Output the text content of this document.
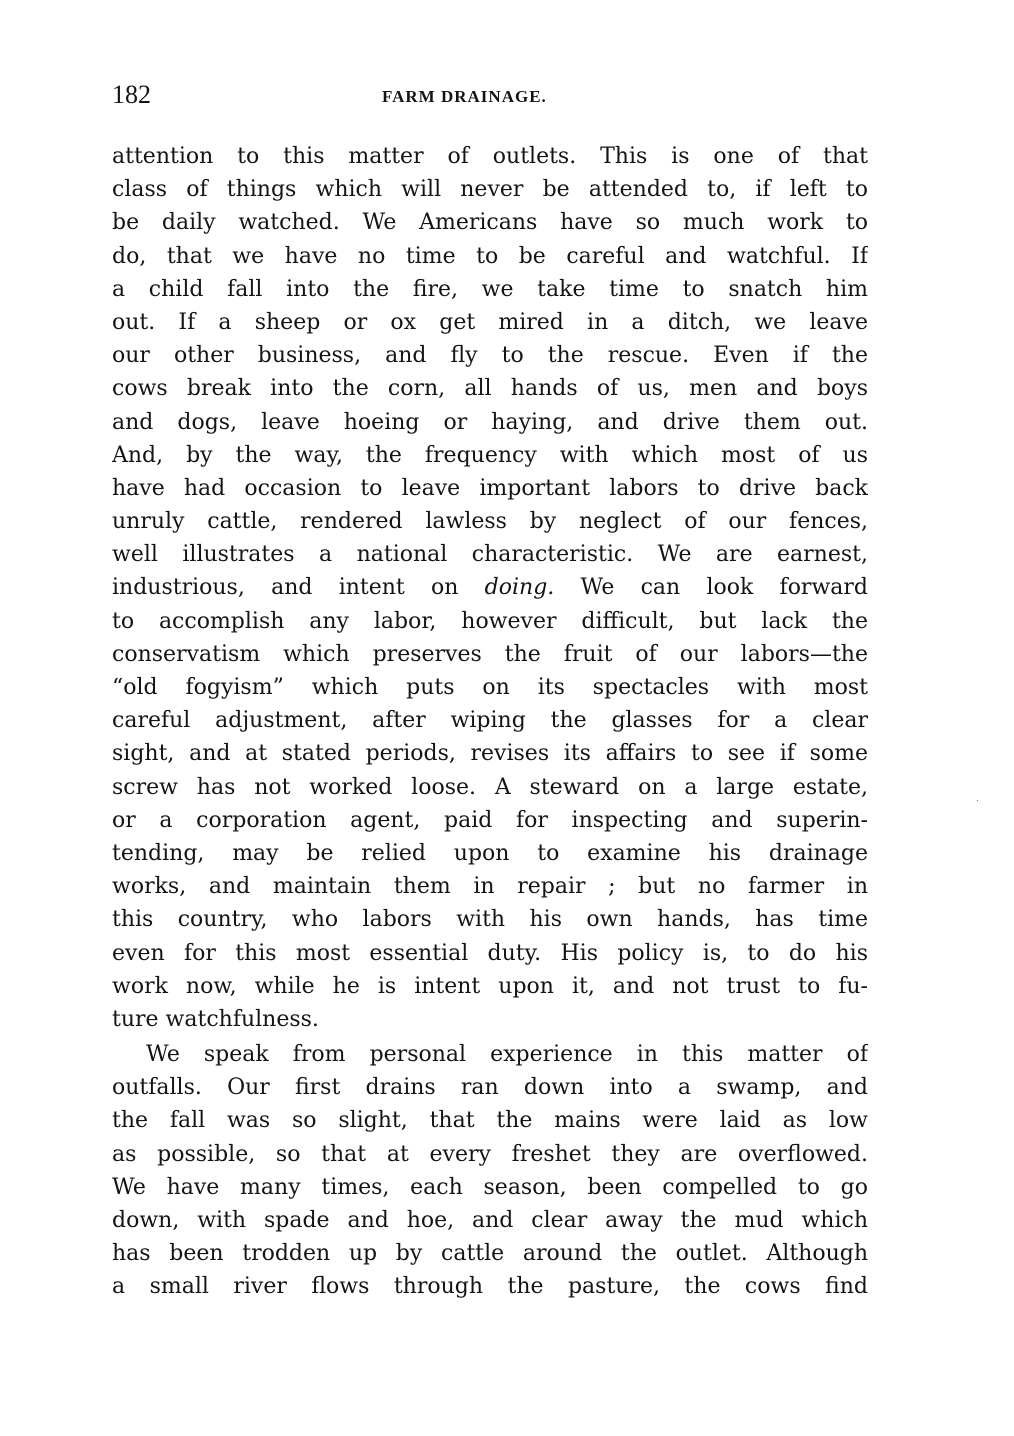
182	FARM DRAINAGE.
attention to this matter of outlets. This is one of that
class of things which will never be attended to, if left to
be daily watched. We Americans have so much work to
do, that we have no time to be careful and watchful. If
a child fall into the fire, we take time to snatch him
out. If a sheep or ox get mired in a ditch, we leave
our other business, and fly to the rescue. Even if the
cows break into the corn, all hands of us, men and boys
and dogs, leave hoeing or haying, and drive them out.
And, by the way, the frequency with which most of us
have had occasion to leave important labors to drive back
unruly cattle, rendered lawless by neglect of our fences,
well illustrates a national characteristic. We are earnest,
industrious, and intent on doing. We can look forward
to accomplish any labor, however difficult, but lack the
conservatism which preserves the fruit of our labors—the
“old fogyism” which puts on its spectacles with most
careful adjustment, after wiping the glasses for a clear
sight, and at stated periods, revises its affairs to see if some
screw has not worked loose. A steward on a large estate,
or a corporation agent, paid for inspecting and superin-
tending, may be relied upon to examine his drainage
works, and maintain them in repair ; but no farmer in
this country, who labors with his own hands, has time
even for this most essential duty. His policy is, to do his
work now, while he is intent upon it, and not trust to fu-
ture watchfulness.
We speak from personal experience in this matter of
outfalls. Our first drains ran down into a swamp, and
the fall was so slight, that the mains were laid as low
as possible, so that at every freshet they are overflowed.
We have many times, each season, been compelled to go
down, with spade and hoe, and clear away the mud which
has been trodden up by cattle around the outlet. Although
a small river flows through the pasture, the cows find
